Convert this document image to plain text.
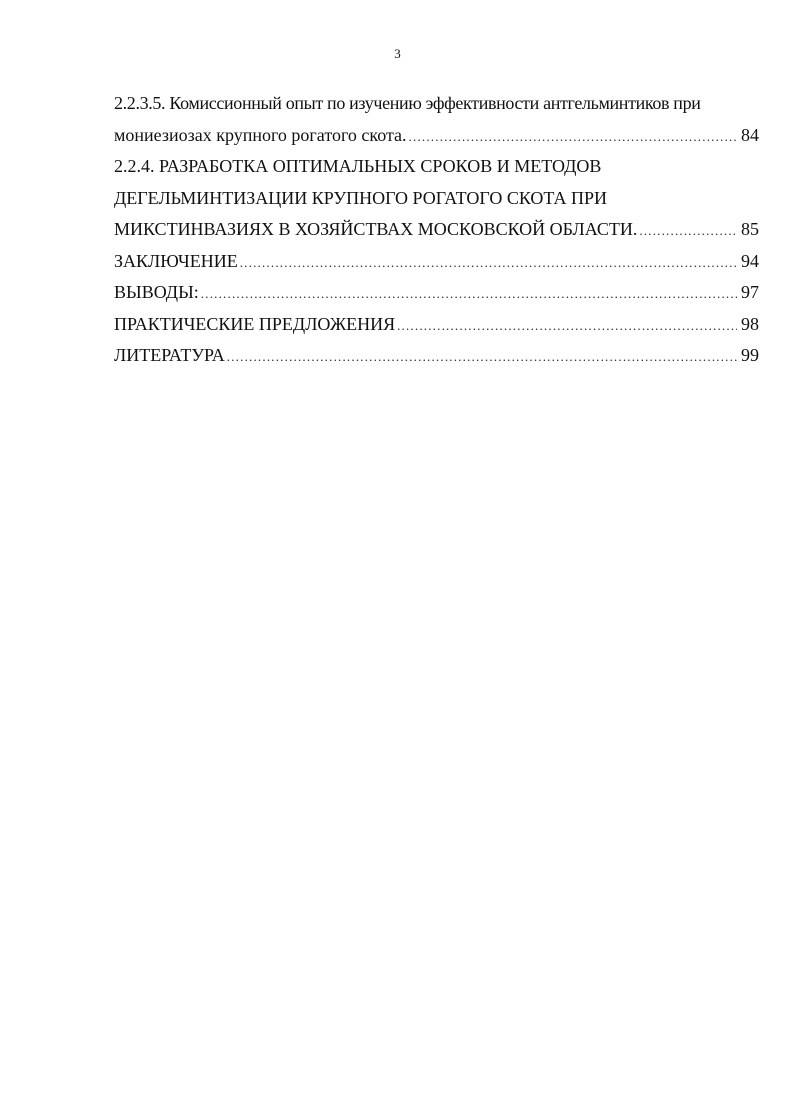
3
2.2.3.5. Комиссионный опыт по изучению эффективности антгельминтиков при
мониезиозах крупного рогатого скота. .....	84
2.2.4. РАЗРАБОТКА ОПТИМАЛЬНЫХ СРОКОВ И МЕТОДОВ
ДЕГЕЛЬМИНТИЗАЦИИ КРУПНОГО РОГАТОГО СКОТА ПРИ
МИКСТИНВАЗИЯХ В ХОЗЯЙСТВАХ МОСКОВСКОЙ ОБЛАСТИ. .....	85
ЗАКЛЮЧЕНИЕ .....	94
ВЫВОДЫ: .....	97
ПРАКТИЧЕСКИЕ ПРЕДЛОЖЕНИЯ .....	98
ЛИТЕРАТУРА .....	99
